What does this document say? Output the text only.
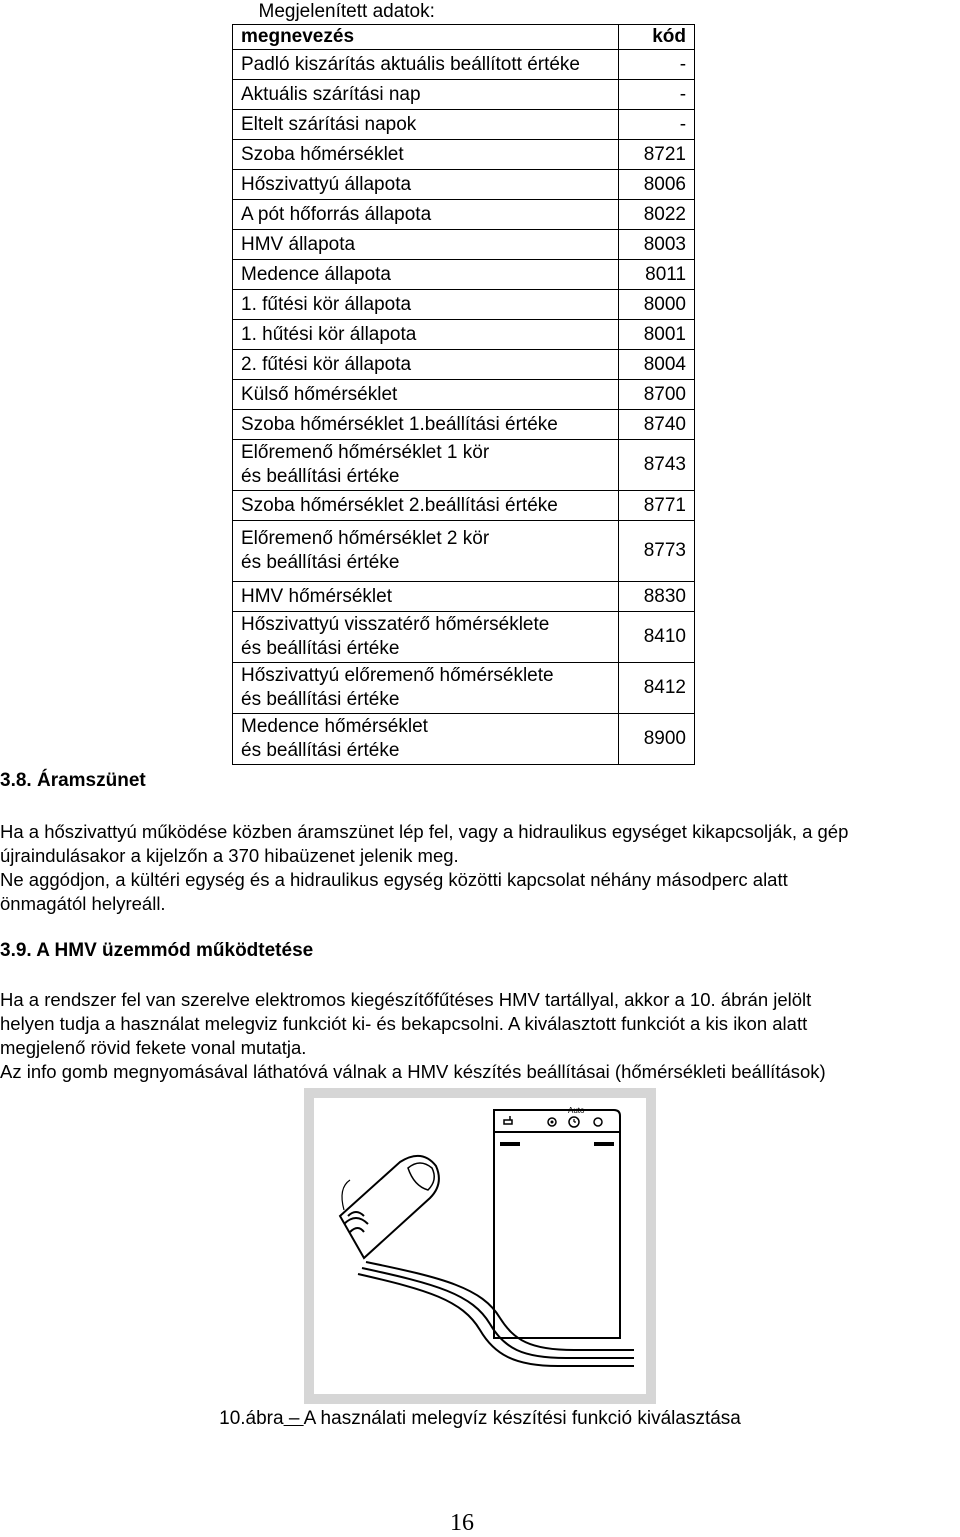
Megjelenített adatok:	
megnevezés	kód
Padló kiszárítás aktuális beállított értéke	-
Aktuális szárítási nap	-
Eltelt szárítási napok	-
Szoba hőmérséklet	8721
Hőszivattyú állapota	8006
A pót hőforrás állapota	8022
HMV állapota	8003
Medence állapota	8011
1. fűtési kör állapota	8000
1. hűtési kör állapota	8001
2. fűtési kör állapota	8004
Külső hőmérséklet	8700
Szoba hőmérséklet 1.beállítási értéke	8740
Előremenő hőmérséklet 1 kör
és beállítási értéke	8743
Szoba hőmérséklet 2.beállítási értéke	8771
Előremenő hőmérséklet 2 kör
és beállítási értéke	8773
HMV hőmérséklet	8830
Hőszivattyú visszatérő hőmérséklete
és beállítási értéke	8410
Hőszivattyú előremenő hőmérséklete
és beállítási értéke	8412
Medence hőmérséklet
és beállítási értéke	8900

3.8. Áramszünet

Ha a hőszivattyú működése közben áramszünet lép fel, vagy a hidraulikus egységet kikapcsolják, a gép
újraindulásakor a kijelzőn a 370 hibaüzenet jelenik meg.

Ne aggódjon, a kültéri egység és a hidraulikus egység közötti kapcsolat néhány másodperc alatt
önmagától helyreáll.

3.9. A HMV üzemmód működtetése

Ha a rendszer fel van szerelve elektromos kiegészítőfűtéses HMV tartállyal, akkor a 10. ábrán jelölt
helyen tudja a használat melegviz funkciót ki- és bekapcsolni. A kiválasztott funkciót a kis ikon alatt
megjelenő rövid fekete vonal mutatja.

Az info gomb megnyomásával láthatóvá válnak a HMV készítés beállításai (hőmérsékleti beállítások)

Auto
10.ábra – A használati melegvíz készítési funkció kiválasztása
16
